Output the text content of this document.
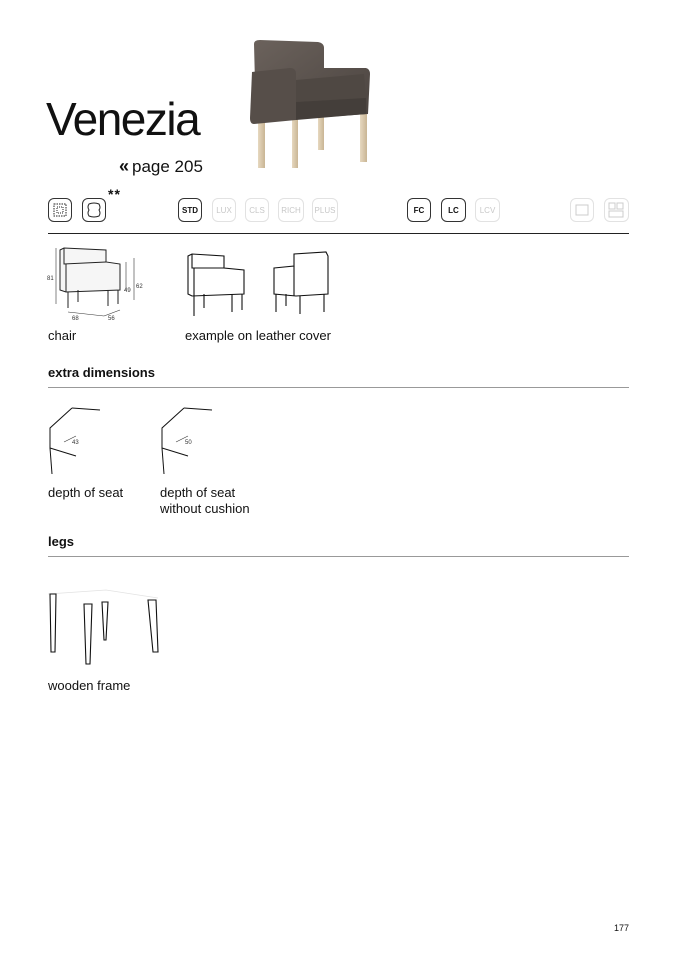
Venezia
« page 205
**
STD	LUX	CLS	RICH	PLUS	FC	LC	LCV
81
49
62
68	56
chair	example on leather cover
extra dimensions
43	50
depth of seat	depth of seat
without cushion
legs
wooden frame
177
